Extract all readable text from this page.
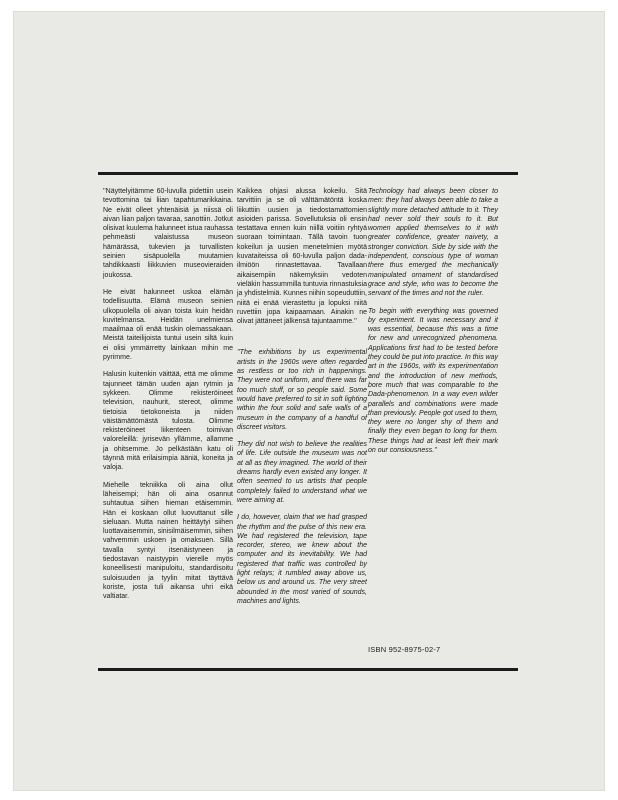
''Näyttelyitämme 60-luvulla pidettiin usein tevottomina tai liian tapahtumarikkaina. Ne eivät olleet yhtenäisiä ja niissä oli aivan liian paljon tavaraa, sanottiin. Jotkut olisivat kuulema halunneet istua rauhassa pehmeästi valaistussa museon hämärässä, tukevien ja turvallisten seinien sisäpuolella muutamien tahdikkaasti liikkuvien museovieraiden joukossa.

He eivät halunneet uskoa elämän todellisuutta. Elämä museon seinien ulkopuolella oli aivan toista kuin heidän kuvitelmansa. Heidän unelmiensa maailmaa oli enää tuskin olemassakaan. Meistä taiteilijoista tuntui usein siltä kuin ei olisi ymmärretty lainkaan mihin me pyrimme.

Halusin kuitenkin väittää, että me olimme tajunneet tämän uuden ajan rytmin ja sykkeen. Olimme rekisteröineet television, nauhurit, stereot, olimme tietoisia tietokoneista ja niiden väistämättömästä tulosta. Olimme rekisteröineet liikenteen toimivan valoreleillä: jyrisevän yllämme, allamme ja ohitsemme. Jo pelkästään katu oli täynnä mitä erilaisimpia ääniä, koneita ja valoja.

Miehelle tekniikka oli aina ollut läheisempi; hän oli aina osannut suhtautua siihen hieman etäisemmin. Hän ei koskaan ollut luovuttanut sille sieluaan. Mutta nainen heittäytyi siihen luottavaisemmin, sinisilmäisemmin, siihen vahvemmin uskoen ja omaksuen. Sillä tavalla syntyi itsenäistyneen ja tiedostavan naistyypin vierelle myös koneellisesti manipuloitu, standardisoitu suloisuuden ja tyylin mitat täyttävä koriste, josta tuli aikansa uhri eikä valtiatar.

Kaikkea ohjasi alussa kokeilu. Sitä tarvittiin ja se oli välttämätöntä koska liikuttiin uusien ja tiedostamattomien asioiden parissa. Sovellutuksia oli ensin testattava ennen kuin niillä voitiin ryhtyä suoraan toimintaan. Tällä tavoin tuon kokeilun ja uusien menetelmien myötä kuvataiteissa oli 60-luvulla paljon dada-ilmiöön rinnastettavaa. Tavallaan aikaisempiin näkemyksiin vedoten vieläkin hassummilla tuntuvia rinnastuksia ja yhdistelmiä. Kunnes niihin sopeuduttiin, niitä ei enää vierastettu ja lopuksi niitä ruvettiin jopa kaipaamaan. Ainakin ne olivat jättäneet jälkensä tajuntaamme.''

''The exhibitions by us experimental artists in the 1960s were often regarded as restless or too rich in happenings. They were not uniform, and there was far too much stuff, or so people said. Some would have preferred to sit in soft lighting within the four solid and safe walls of a museum in the company of a handful of discreet visitors.

They did not wish to believe the realities of life. Life outside the museum was not at all as they imagined. The world of their dreams hardly even existed any longer. It often seemed to us artists that people completely failed to understand what we were aiming at.

I do, however, claim that we had grasped the rhythm and the pulse of this new era. We had registered the television, tape recorder, stereo, we knew about the computer and its inevitability. We had registered that traffic was controlled by light relays; it rumbled away above us, below us and around us. The very street abounded in the most varied of sounds, machines and lights.

Technology had always been closer to men: they had always been able to take a slightly more detached attitude to it. They had never sold their souls to it. But women applied themselves to it with greater confidence, greater naivety, a stronger conviction. Side by side with the independent, conscious type of woman there thus emerged the mechanically manipulated ornament of standardised grace and style, who was to become the servant of the times and not the ruler.

To begin with everything was governed by experiment. It was necessary and it was essential, because this was a time for new and unrecognized phenomena. Applications first had to be tested before they could be put into practice. In this way art in the 1960s, with its experimentation and the introduction of new methods, bore much that was comparable to the Dada-phenomenon. In a way even wilder parallels and combinations were made than previously. People got used to them, they were no longer shy of them and finally they even began to long for them. These things had at least left their mark on our consiousness.''

ISBN 952-8975-02-7
